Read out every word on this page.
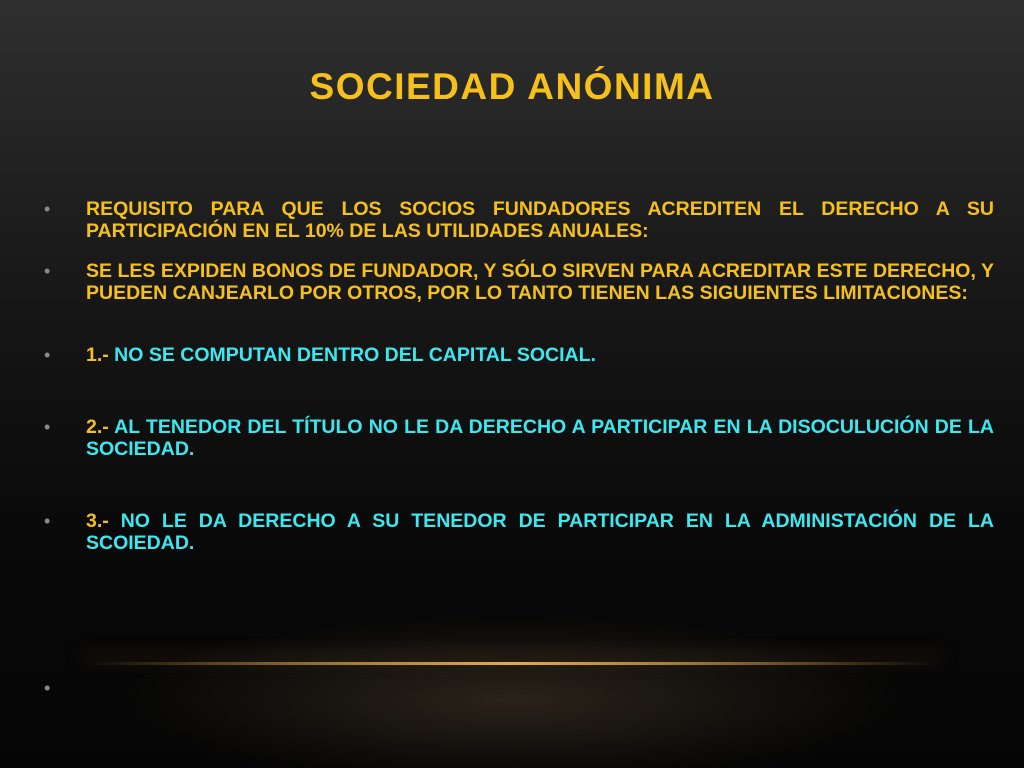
SOCIEDAD ANÓNIMA
• REQUISITO PARA QUE LOS SOCIOS FUNDADORES ACREDITEN EL DERECHO A SU PARTICIPACIÓN EN EL 10% DE LAS UTILIDADES ANUALES:
• SE LES EXPIDEN BONOS DE FUNDADOR, Y SÓLO SIRVEN PARA ACREDITAR ESTE DERECHO, Y PUEDEN CANJEARLO POR OTROS, POR LO TANTO TIENEN LAS SIGUIENTES LIMITACIONES:
• 1.- NO SE COMPUTAN DENTRO DEL CAPITAL SOCIAL.
• 2.- AL TENEDOR DEL TÍTULO NO LE DA DERECHO A PARTICIPAR EN LA DISOCULUCIÓN DE LA SOCIEDAD.
• 3.- NO LE DA DERECHO A SU TENEDOR DE PARTICIPAR EN LA ADMINISTACIÓN DE LA SCOIEDAD.
•
